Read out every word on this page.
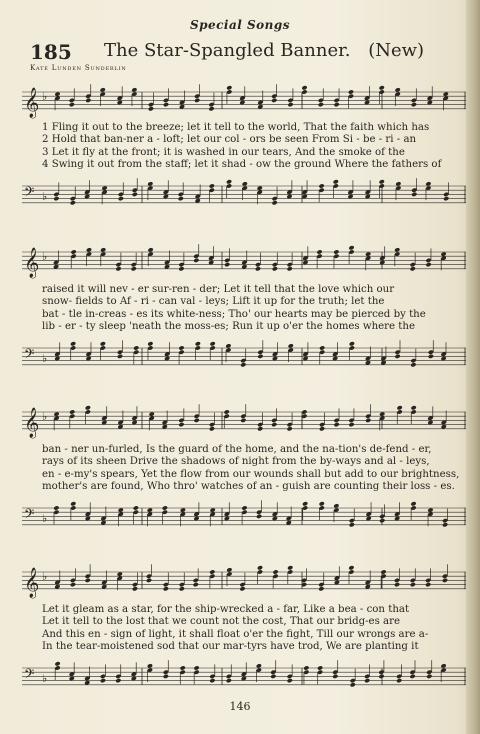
Special Songs
185 The Star-Spangled Banner. (New)
Kate Lunden Sunderlin
𝄞 ♭
1 Fling it out to the breeze; let it tell to the world, That the faith which has
2 Hold that ban-ner a - loft; let our col - ors be seen From Si - be - ri - an
3 Let it fly at the front; it is washed in our tears, And the smoke of the
4 Swing it out from the staff; let it shad - ow the ground Where the fathers of
𝄢 ♭
𝄞 ♭
raised it will nev - er sur-ren - der; Let it tell that the love which our
snow- fields to Af - ri - can val - leys; Lift it up for the truth; let the
bat - tle in-creas - es its white-ness; Tho' our hearts may be pierced by the
lib - er - ty sleep 'neath the moss-es; Run it up o'er the homes where the
𝄢 ♭
𝄞 ♭
ban - ner un-furled, Is the guard of the home, and the na-tion's de-fend - er,
rays of its sheen Drive the shadows of night from the by-ways and al - leys,
en - e-my's spears, Yet the flow from our wounds shall but add to our brightness,
mother's are found, Who thro' watches of an - guish are counting their loss - es.
𝄢 ♭
𝄞 ♭
Let it gleam as a star, for the ship-wrecked a - far, Like a bea - con that
Let it tell to the lost that we count not the cost, That our bridg-es are
And this en - sign of light, it shall float o'er the fight, Till our wrongs are a-
In the tear-moistened sod that our mar-tyrs have trod, We are planting it
𝄢 ♭
146
